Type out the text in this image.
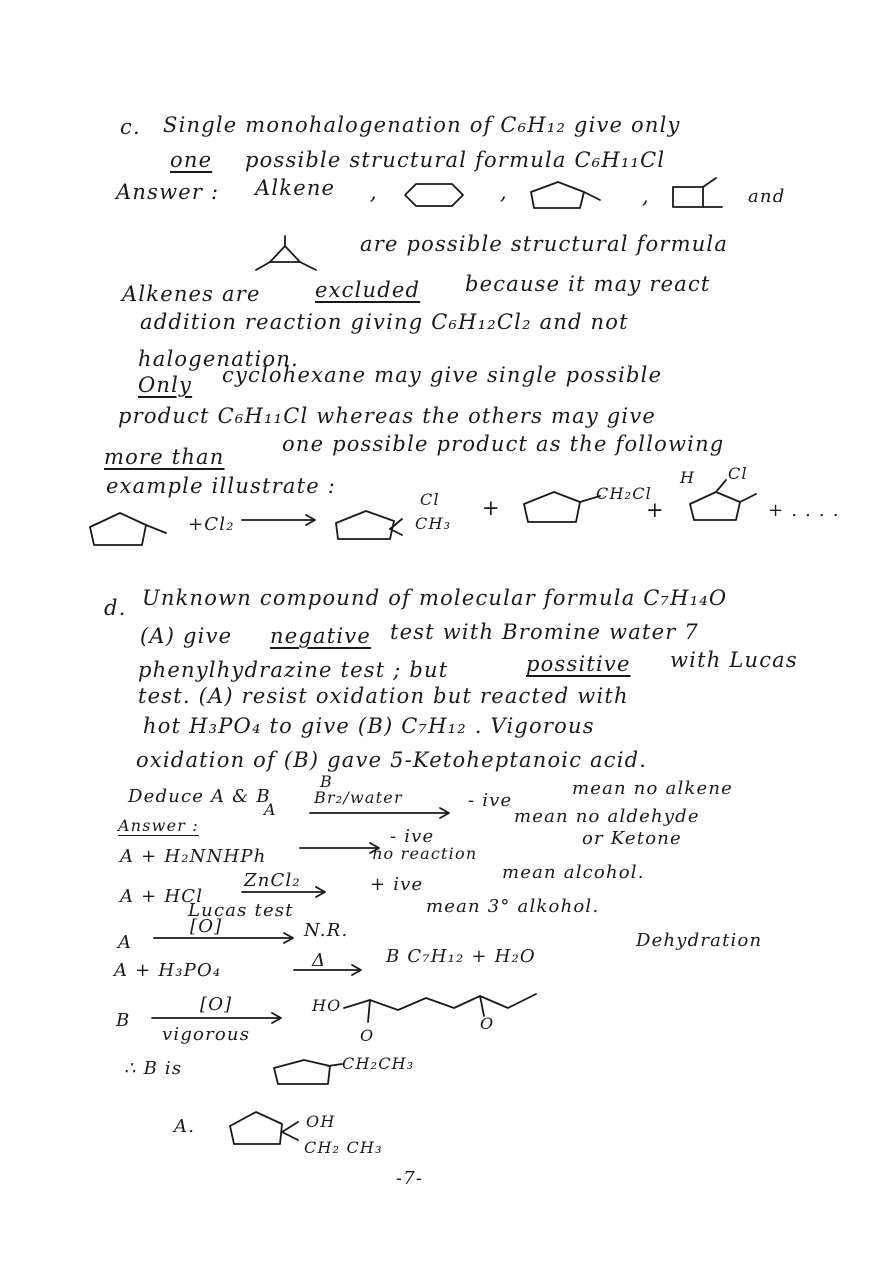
c. Single monohalogenation of C₆H₁₂ give only
one possible structural formula C₆H₁₁Cl
Answer : Alkene ,	,	,	and
are possible structural formula
Alkenes are	excluded because it may react
addition reaction giving C₆H₁₂Cl₂ and not
halogenation.
Only cyclohexane may give single possible
product C₆H₁₁Cl whereas the others may give
more than
one possible product as the following
example illustrate :
+Cl₂
Cl
CH₃
+
CH₂Cl
+
H Cl
+ . . . .
d. Unknown compound of molecular formula C₇H₁₄O
(A) give negative test with Bromine water 7
phenylhydrazine test ; but	possitive with Lucas
test. (A) resist oxidation but reacted with
hot H₃PO₄ to give (B) C₇H₁₂ . Vigorous
oxidation of (B) gave 5-Ketoheptanoic acid.
Deduce A & B
A
B
Br₂/water	- ive
mean no alkene
Answer :	mean no aldehyde
or Ketone
A + H₂NNHPh
- ive
no reaction
A + HCl
ZnCl₂
Lucas test
+ ive
mean alcohol.
A
[O]	N.R.
mean 3° alkohol.
A + H₃PO₄	Δ	B C₇H₁₂ + H₂O
Dehydration
B
[O]
vigorous
HO
O
O
∴ B is	CH₂CH₃
A.	OH
CH₂ CH₃
-7-
